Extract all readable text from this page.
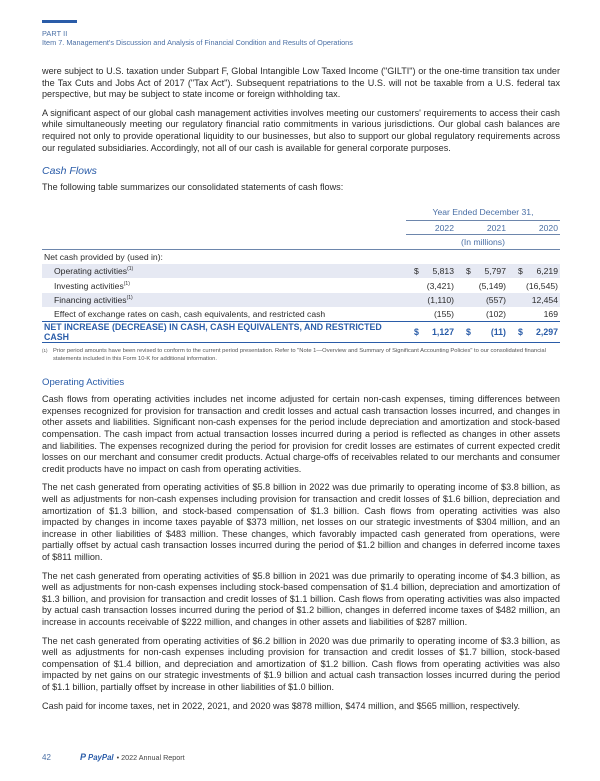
PART II
Item 7. Management's Discussion and Analysis of Financial Condition and Results of Operations

were subject to U.S. taxation under Subpart F, Global Intangible Low Taxed Income ("GILTI") or the one-time transition tax under the Tax Cuts and Jobs Act of 2017 ("Tax Act"). Subsequent repatriations to the U.S. will not be taxable from a U.S. federal tax perspective, but may be subject to state income or foreign withholding tax.

A significant aspect of our global cash management activities involves meeting our customers' requirements to access their cash while simultaneously meeting our regulatory financial ratio commitments in various jurisdictions. Our global cash balances are required not only to provide operational liquidity to our businesses, but also to support our global regulatory requirements across our regulated subsidiaries. Accordingly, not all of our cash is available for general corporate purposes.

Cash Flows

The following table summarizes our consolidated statements of cash flows:

	Year Ended December 31,		
	2022	2021	2020
	(In millions)		
Net cash provided by (used in):			
Operating activities$^{(1)}$	$ 5,813	$ 5,797	$ 6,219
Investing activities$^{(1)}$	(3,421)	(5,149)	(16,545)
Financing activities$^{(1)}$	(1,110)	(557)	12,454
Effect of exchange rates on cash, cash equivalents, and restricted cash	(155)	(102)	169
NET INCREASE (DECREASE) IN CASH, CASH EQUIVALENTS, AND RESTRICTED CASH	$ 1,127	$ (11)	$ 2,297
(1) Prior period amounts have been revised to conform to the current period presentation. Refer to "Note 1—Overview and Summary of Significant Accounting Policies" to our consolidated financial statements included in this Form 10-K for additional information.
Operating Activities

Cash flows from operating activities includes net income adjusted for certain non-cash expenses, timing differences between expenses recognized for provision for transaction and credit losses and actual cash transaction losses incurred, and changes in other assets and liabilities. Significant non-cash expenses for the period include depreciation and amortization and stock-based compensation. The cash impact from actual transaction losses incurred during a period is reflected as changes in other assets and liabilities. The expenses recognized during the period for provision for credit losses are estimates of current expected credit losses on our merchant and consumer credit products. Actual charge-offs of receivables related to our merchants and consumer credit products have no impact on cash from operating activities.

The net cash generated from operating activities of $5.8 billion in 2022 was due primarily to operating income of $3.8 billion, as well as adjustments for non-cash expenses including provision for transaction and credit losses of $1.6 billion, depreciation and amortization of $1.3 billion, and stock-based compensation of $1.3 billion. Cash flows from operating activities was also impacted by changes in income taxes payable of $373 million, net losses on our strategic investments of $304 million, and an increase in other liabilities of $483 million. These changes, which favorably impacted cash generated from operations, were partially offset by actual cash transaction losses incurred during the period of $1.2 billion and changes in deferred income taxes of $811 million.

The net cash generated from operating activities of $5.8 billion in 2021 was due primarily to operating income of $4.3 billion, as well as adjustments for non-cash expenses including stock-based compensation of $1.4 billion, depreciation and amortization of $1.3 billion, and provision for transaction and credit losses of $1.1 billion. Cash flows from operating activities was also impacted by actual cash transaction losses incurred during the period of $1.2 billion, changes in deferred income taxes of $482 million, an increase in accounts receivable of $222 million, and changes in other assets and liabilities of $287 million.

The net cash generated from operating activities of $6.2 billion in 2020 was due primarily to operating income of $3.3 billion, as well as adjustments for non-cash expenses including provision for transaction and credit losses of $1.7 billion, stock-based compensation of $1.4 billion, and depreciation and amortization of $1.2 billion. Cash flows from operating activities was also impacted by net gains on our strategic investments of $1.9 billion and actual cash transaction losses incurred during the period of $1.1 billion, partially offset by increase in other liabilities of $1.0 billion.

Cash paid for income taxes, net in 2022, 2021, and 2020 was $878 million, $474 million, and $565 million, respectively.

42	P PayPal • 2022 Annual Report
